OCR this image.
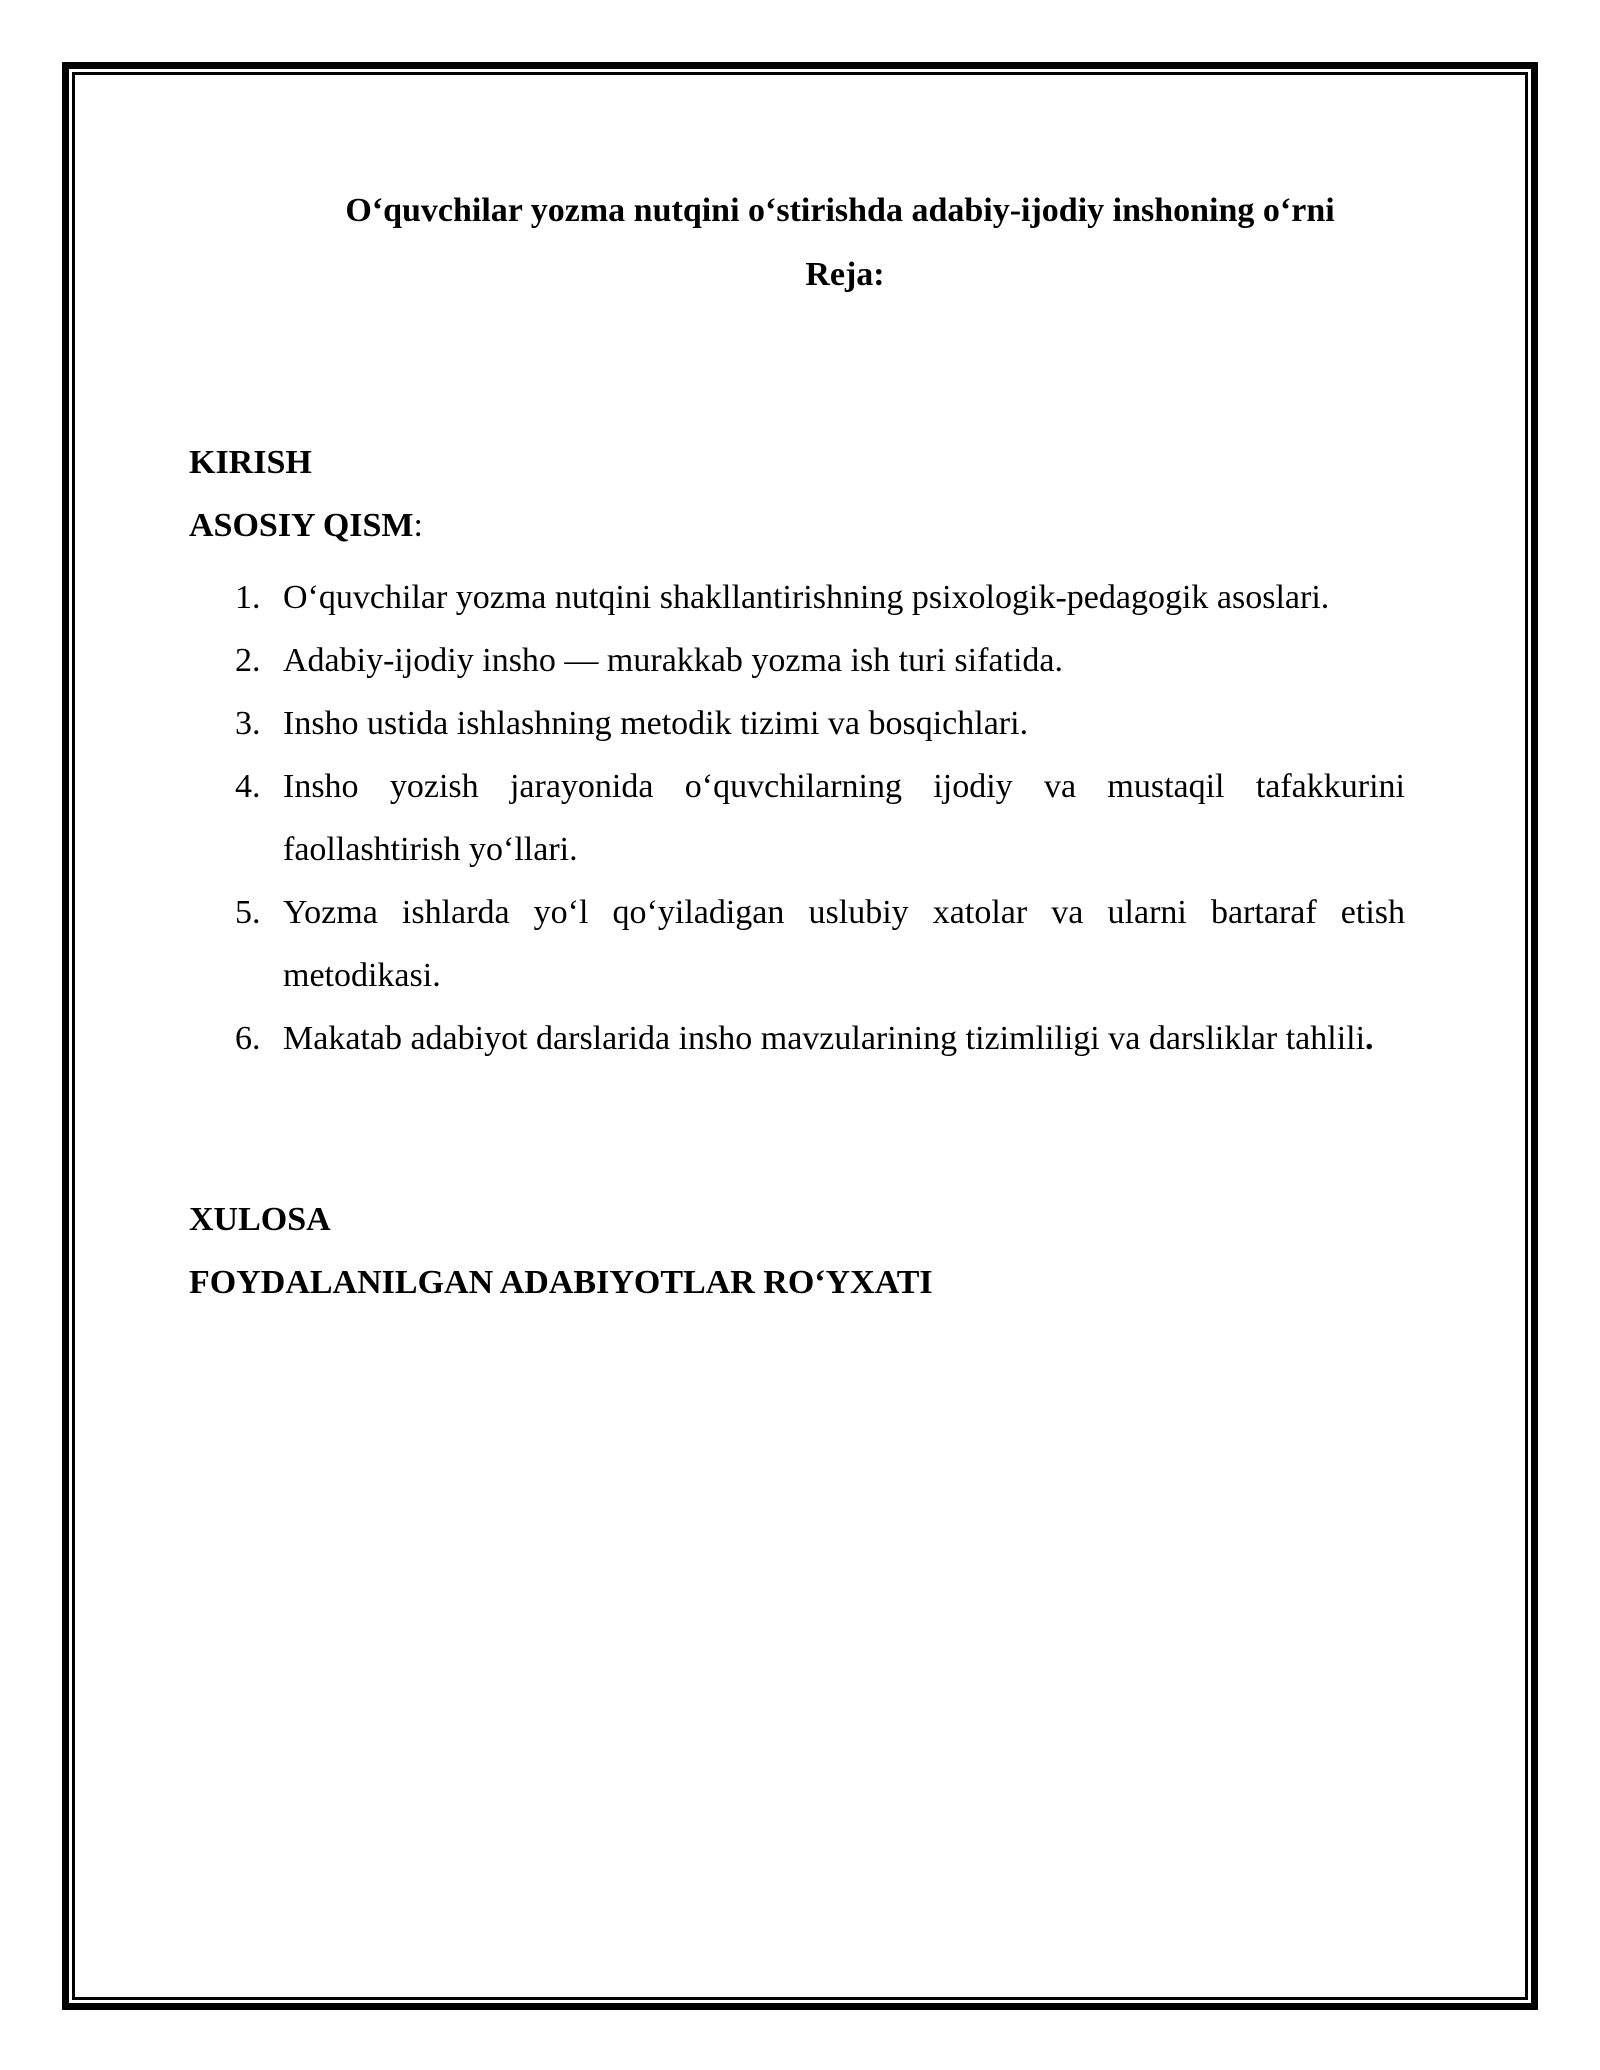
O‘quvchilar yozma nutqini o‘stirishda adabiy-ijodiy inshoning o‘rni
Reja:
KIRISH
ASOSIY QISM:
1. O‘quvchilar yozma nutqini shakllantirishning psixologik-pedagogik asoslari.
2. Adabiy-ijodiy insho — murakkab yozma ish turi sifatida.
3. Insho ustida ishlashning metodik tizimi va bosqichlari.
4. Insho yozish jarayonida o‘quvchilarning ijodiy va mustaqil tafakkurini faollashtirish yo‘llari.
5. Yozma ishlarda yo‘l qo‘yiladigan uslubiy xatolar va ularni bartaraf etish metodikasi.
6. Makatab adabiyot darslarida insho mavzularining tizimliligi va darsliklar tahlili.
XULOSA
FOYDALANILGAN ADABIYOTLAR RO‘YXATI
